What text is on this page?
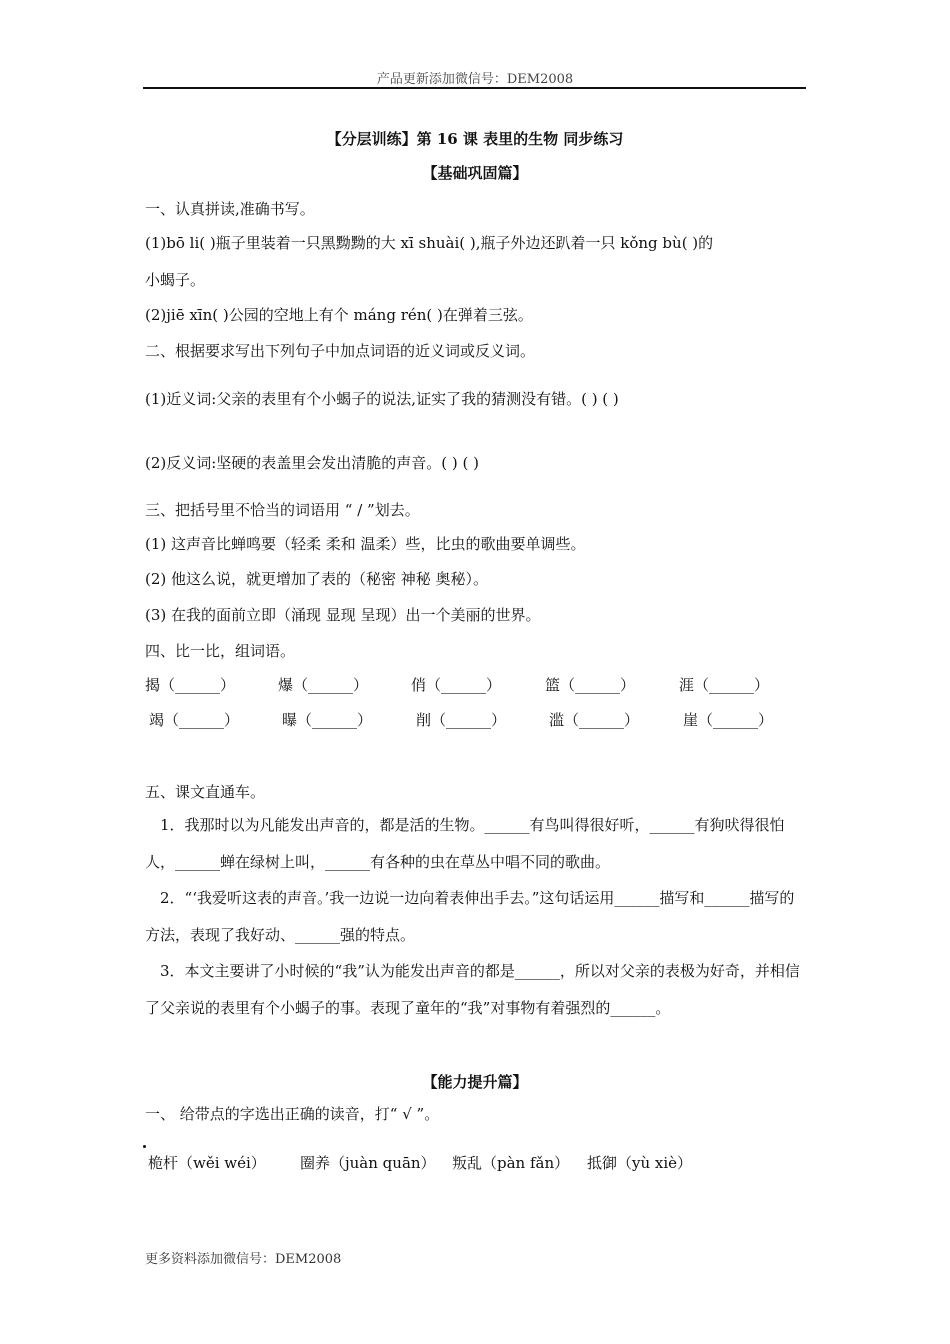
产品更新添加微信号：DEM2008
【分层训练】第 16 课 表里的生物 同步练习
【基础巩固篇】
一、认真拼读,准确书写。
(1)bō li( )瓶子里装着一只黑黝黝的大 xī shuài( ),瓶子外边还趴着一只 kǒng bù( )的
小蝎子。
(2)jiē xīn( )公园的空地上有个 máng rén( )在弹着三弦。
二、根据要求写出下列句子中加点词语的近义词或反义词。
(1)近义词:父亲的表里有个小蝎子的说法,证实了我的猜测没有错。( ) ( )
(2)反义词:坚硬的表盖里会发出清脆的声音。( ) ( )
三、把括号里不恰当的词语用 “ / ”划去。
(1) 这声音比蝉鸣要（轻柔 柔和 温柔）些，比虫的歌曲要单调些。
(2) 他这么说，就更增加了表的（秘密 神秘 奥秘）。
(3) 在我的面前立即（涌现 显现 呈现）出一个美丽的世界。
四、比一比，组词语。
揭（______）	爆（______）	俏（______）	篮（______）	涯（______）
竭（______）	曝（______）	削（______）	滥（______）	崖（______）
五、课文直通车。
　1．我那时以为凡能发出声音的，都是活的生物。______有鸟叫得很好听，______有狗吠得很怕人，______蝉在绿树上叫，______有各种的虫在草丛中唱不同的歌曲。
　2．“‘我爱听这表的声音。’我一边说一边向着表伸出手去。”这句话运用______描写和______描写的方法，表现了我好动、______强的特点。
　3．本文主要讲了小时候的“我”认为能发出声音的都是______，所以对父亲的表极为好奇，并相信了父亲说的表里有个小蝎子的事。表现了童年的“我”对事物有着强烈的______。
【能力提升篇】
一、 给带点的字选出正确的读音，打“ √ ”。
桅杆（wěi wéi） 圈养（juàn quān） 叛乱（pàn fǎn） 抵御（yù xiè）
更多资料添加微信号：DEM2008
